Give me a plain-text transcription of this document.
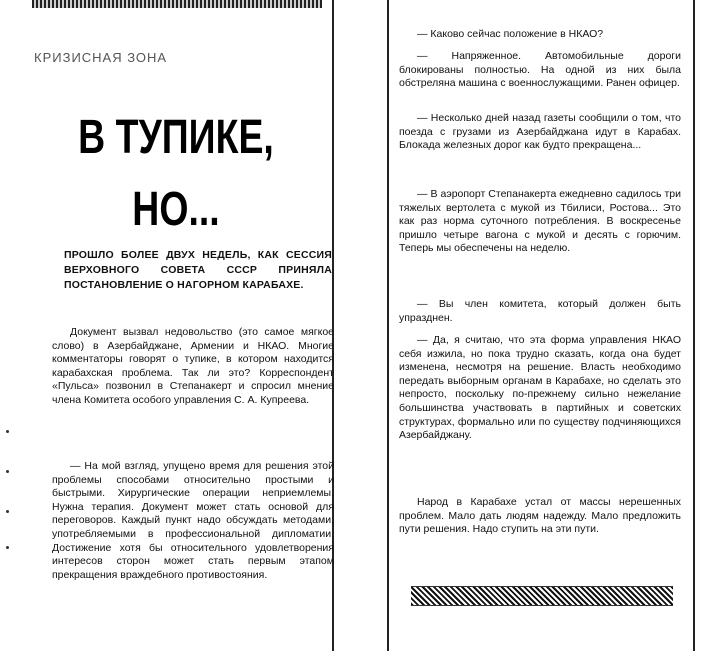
КРИЗИСНАЯ ЗОНА
В ТУПИКЕ,
НО...
ПРОШЛО БОЛЕЕ ДВУХ НЕДЕЛЬ, КАК СЕССИЯ ВЕРХОВНОГО СОВЕТА СССР ПРИНЯЛА ПОСТАНОВЛЕНИЕ О НАГОРНОМ КАРАБАХЕ.

Документ вызвал недовольство (это самое мягкое слово) в Азербайджане, Армении и НКАО. Многие комментаторы говорят о тупике, в котором находится карабахская проблема. Так ли это? Корреспондент «Пульса» позвонил в Степанакерт и спросил мнение члена Комитета особого управления С. А. Купреева.

— На мой взгляд, упущено время для решения этой проблемы способами относительно простыми и быстрыми. Хирургические операции неприемлемы. Нужна терапия. Документ может стать основой для переговоров. Каждый пункт надо обсуждать методами, употребляемыми в профессиональной дипломатии. Достижение хотя бы относительного удовлетворения интересов сторон может стать первым этапом прекращения враждебного противостояния.

— Каково сейчас положение в НКАО?

— Напряженное. Автомобильные дороги блокированы полностью. На одной из них была обстреляна машина с военнослужащими. Ранен офицер.

— Несколько дней назад газеты сообщили о том, что поезда с грузами из Азербайджана идут в Карабах. Блокада железных дорог как будто прекращена...

— В аэропорт Степанакерта ежедневно садилось три тяжелых вертолета с мукой из Тбилиси, Ростова... Это как раз норма суточного потребления. В воскресенье пришло четыре вагона с мукой и десять с горючим. Теперь мы обеспечены на неделю.

— Вы член комитета, который должен быть упразднен.

— Да, я считаю, что эта форма управления НКАО себя изжила, но пока трудно сказать, когда она будет изменена, несмотря на решение. Власть необходимо передать выборным органам в Карабахе, но сделать это непросто, поскольку по-прежнему сильно нежелание большинства участвовать в партийных и советских структурах, формально или по существу подчиняющихся Азербайджану.

Народ в Карабахе устал от массы нерешенных проблем. Мало дать людям надежду. Мало предложить пути решения. Надо ступить на эти пути.
